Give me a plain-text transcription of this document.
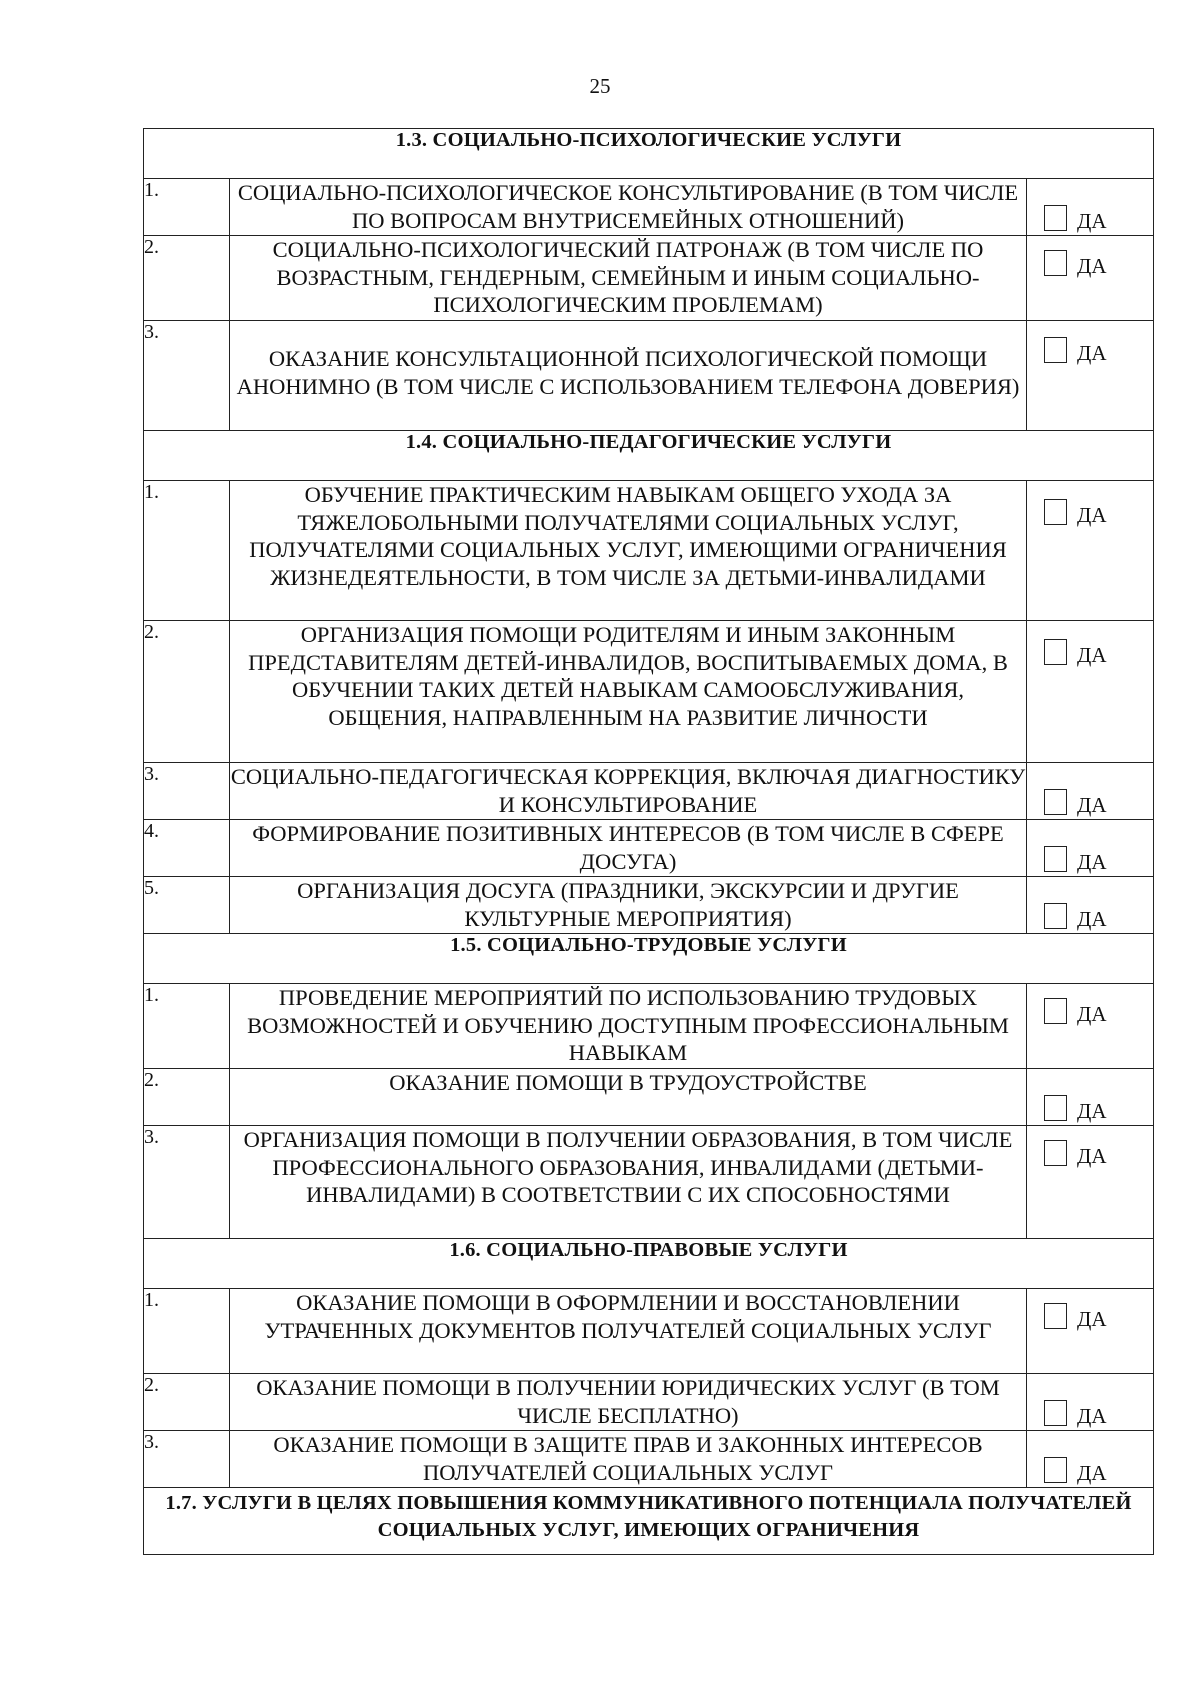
25
1.3. СОЦИАЛЬНО-ПСИХОЛОГИЧЕСКИЕ УСЛУГИ		
1.	СОЦИАЛЬНО-ПСИХОЛОГИЧЕСКОЕ КОНСУЛЬТИРОВАНИЕ (В ТОМ ЧИСЛЕ ПО ВОПРОСАМ ВНУТРИСЕМЕЙНЫХ ОТНОШЕНИЙ)	ДА

2.	СОЦИАЛЬНО-ПСИХОЛОГИЧЕСКИЙ ПАТРОНАЖ (В ТОМ ЧИСЛЕ ПО ВОЗРАСТНЫМ, ГЕНДЕРНЫМ, СЕМЕЙНЫМ И ИНЫМ СОЦИАЛЬНО- ПСИХОЛОГИЧЕСКИМ ПРОБЛЕМАМ)	ДА

3.	ОКАЗАНИЕ КОНСУЛЬТАЦИОННОЙ ПСИХОЛОГИЧЕСКОЙ ПОМОЩИ АНОНИМНО (В ТОМ ЧИСЛЕ С ИСПОЛЬЗОВАНИЕМ ТЕЛЕФОНА ДОВЕРИЯ)	ДА

1.4. СОЦИАЛЬНО-ПЕДАГОГИЧЕСКИЕ УСЛУГИ		
1.	ОБУЧЕНИЕ ПРАКТИЧЕСКИМ НАВЫКАМ ОБЩЕГО УХОДА ЗА ТЯЖЕЛОБОЛЬНЫМИ ПОЛУЧАТЕЛЯМИ СОЦИАЛЬНЫХ УСЛУГ, ПОЛУЧАТЕЛЯМИ СОЦИАЛЬНЫХ УСЛУГ, ИМЕЮЩИМИ ОГРАНИЧЕНИЯ ЖИЗНЕДЕЯТЕЛЬНОСТИ, В ТОМ ЧИСЛЕ ЗА ДЕТЬМИ-ИНВАЛИДАМИ	ДА

2.	ОРГАНИЗАЦИЯ ПОМОЩИ РОДИТЕЛЯМ И ИНЫМ ЗАКОННЫМ ПРЕДСТАВИТЕЛЯМ ДЕТЕЙ-ИНВАЛИДОВ, ВОСПИТЫВАЕМЫХ ДОМА, В ОБУЧЕНИИ ТАКИХ ДЕТЕЙ НАВЫКАМ САМООБСЛУЖИВАНИЯ, ОБЩЕНИЯ, НАПРАВЛЕННЫМ НА РАЗВИТИЕ ЛИЧНОСТИ	ДА

3.	СОЦИАЛЬНО-ПЕДАГОГИЧЕСКАЯ КОРРЕКЦИЯ, ВКЛЮЧАЯ ДИАГНОСТИКУ И КОНСУЛЬТИРОВАНИЕ	ДА

4.	ФОРМИРОВАНИЕ ПОЗИТИВНЫХ ИНТЕРЕСОВ (В ТОМ ЧИСЛЕ В СФЕРЕ ДОСУГА)	ДА

5.	ОРГАНИЗАЦИЯ ДОСУГА (ПРАЗДНИКИ, ЭКСКУРСИИ И ДРУГИЕ КУЛЬТУРНЫЕ МЕРОПРИЯТИЯ)	ДА

1.5. СОЦИАЛЬНО-ТРУДОВЫЕ УСЛУГИ		
1.	ПРОВЕДЕНИЕ МЕРОПРИЯТИЙ ПО ИСПОЛЬЗОВАНИЮ ТРУДОВЫХ ВОЗМОЖНОСТЕЙ И ОБУЧЕНИЮ ДОСТУПНЫМ ПРОФЕССИОНАЛЬНЫМ НАВЫКАМ	ДА

2.	ОКАЗАНИЕ ПОМОЩИ В ТРУДОУСТРОЙСТВЕ	ДА

3.	ОРГАНИЗАЦИЯ ПОМОЩИ В ПОЛУЧЕНИИ ОБРАЗОВАНИЯ, В ТОМ ЧИСЛЕ ПРОФЕССИОНАЛЬНОГО ОБРАЗОВАНИЯ, ИНВАЛИДАМИ (ДЕТЬМИ-ИНВАЛИДАМИ) В СООТВЕТСТВИИ С ИХ СПОСОБНОСТЯМИ	ДА

1.6. СОЦИАЛЬНО-ПРАВОВЫЕ УСЛУГИ		
1.	ОКАЗАНИЕ ПОМОЩИ В ОФОРМЛЕНИИ И ВОССТАНОВЛЕНИИ УТРАЧЕННЫХ ДОКУМЕНТОВ ПОЛУЧАТЕЛЕЙ СОЦИАЛЬНЫХ УСЛУГ	ДА

2.	ОКАЗАНИЕ ПОМОЩИ В ПОЛУЧЕНИИ ЮРИДИЧЕСКИХ УСЛУГ (В ТОМ ЧИСЛЕ БЕСПЛАТНО)	ДА

3.	ОКАЗАНИЕ ПОМОЩИ В ЗАЩИТЕ ПРАВ И ЗАКОННЫХ ИНТЕРЕСОВ ПОЛУЧАТЕЛЕЙ СОЦИАЛЬНЫХ УСЛУГ	ДА

1.7. УСЛУГИ В ЦЕЛЯХ ПОВЫШЕНИЯ КОММУНИКАТИВНОГО ПОТЕНЦИАЛА ПОЛУЧАТЕЛЕЙ СОЦИАЛЬНЫХ УСЛУГ, ИМЕЮЩИХ ОГРАНИЧЕНИЯ		
